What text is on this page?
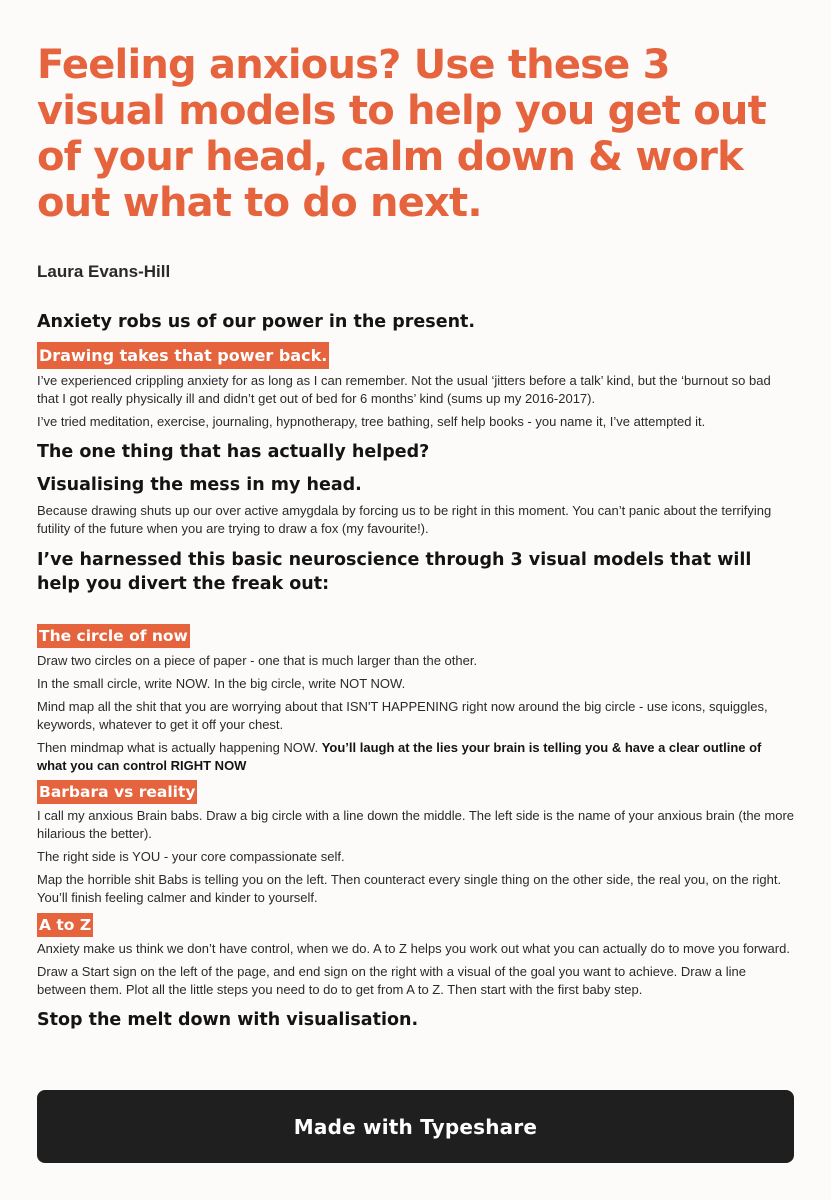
Feeling anxious? Use these 3 visual models to help you get out of your head, calm down & work out what to do next.

Laura Evans-Hill

Anxiety robs us of our power in the present.

Drawing takes that power back.

I’ve experienced crippling anxiety for as long as I can remember. Not the usual ‘jitters before a talk’ kind, but the ‘burnout so bad that I got really physically ill and didn’t get out of bed for 6 months’ kind (sums up my 2016-2017).

I’ve tried meditation, exercise, journaling, hypnotherapy, tree bathing, self help books - you name it, I’ve attempted it.

The one thing that has actually helped?

Visualising the mess in my head.

Because drawing shuts up our over active amygdala by forcing us to be right in this moment. You can’t panic about the terrifying futility of the future when you are trying to draw a fox (my favourite!).

I’ve harnessed this basic neuroscience through 3 visual models that will help you divert the freak out:

The circle of now

Draw two circles on a piece of paper - one that is much larger than the other.

In the small circle, write NOW. In the big circle, write NOT NOW.

Mind map all the shit that you are worrying about that ISN'T HAPPENING right now around the big circle - use icons, squiggles, keywords, whatever to get it off your chest.

Then mindmap what is actually happening NOW. You’ll laugh at the lies your brain is telling you & have a clear outline of what you can control RIGHT NOW

Barbara vs reality

I call my anxious Brain babs. Draw a big circle with a line down the middle. The left side is the name of your anxious brain (the more hilarious the better).

The right side is YOU - your core compassionate self.

Map the horrible shit Babs is telling you on the left. Then counteract every single thing on the other side, the real you, on the right. You’ll finish feeling calmer and kinder to yourself.

A to Z

Anxiety make us think we don’t have control, when we do. A to Z helps you work out what you can actually do to move you forward.

Draw a Start sign on the left of the page, and end sign on the right with a visual of the goal you want to achieve. Draw a line between them. Plot all the little steps you need to do to get from A to Z. Then start with the first baby step.

Stop the melt down with visualisation.

Made with Typeshare
